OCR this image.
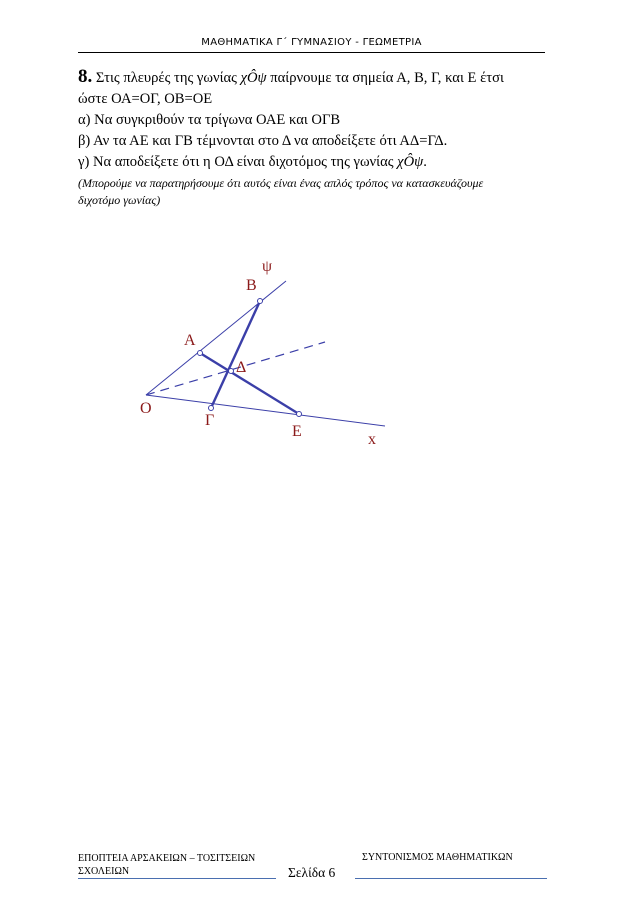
ΜΑΘΗΜΑΤΙΚΑ Γ΄ ΓΥΜΝΑΣΙΟΥ - ΓΕΩΜΕΤΡΙΑ
8. Στις πλευρές της γωνίας χÔψ παίρνουμε τα σημεία Α, Β, Γ, και Ε έτσι
ώστε ΟΑ=ΟΓ, ΟΒ=ΟΕ
α) Να συγκριθούν τα τρίγωνα ΟΑΕ και ΟΓΒ
β) Αν τα ΑΕ και ΓΒ τέμνονται στο Δ να αποδείξετε ότι ΑΔ=ΓΔ.
γ) Να αποδείξετε ότι η ΟΔ είναι διχοτόμος της γωνίας χÔψ.
(Μπορούμε να παρατηρήσουμε ότι αυτός είναι ένας απλός τρόπος να κατασκευάζουμε
διχοτόμο γωνίας)
ψ
Β
Α
Δ
Ο
Γ
Ε	x
ΕΠΟΠΤΕΙΑ ΑΡΣΑΚΕΙΩΝ – ΤΟΣΙΤΣΕΙΩΝ
ΣΧΟΛΕΙΩΝ
ΣΥΝΤΟΝΙΣΜΟΣ ΜΑΘΗΜΑΤΙΚΩΝ
Σελίδα 6
